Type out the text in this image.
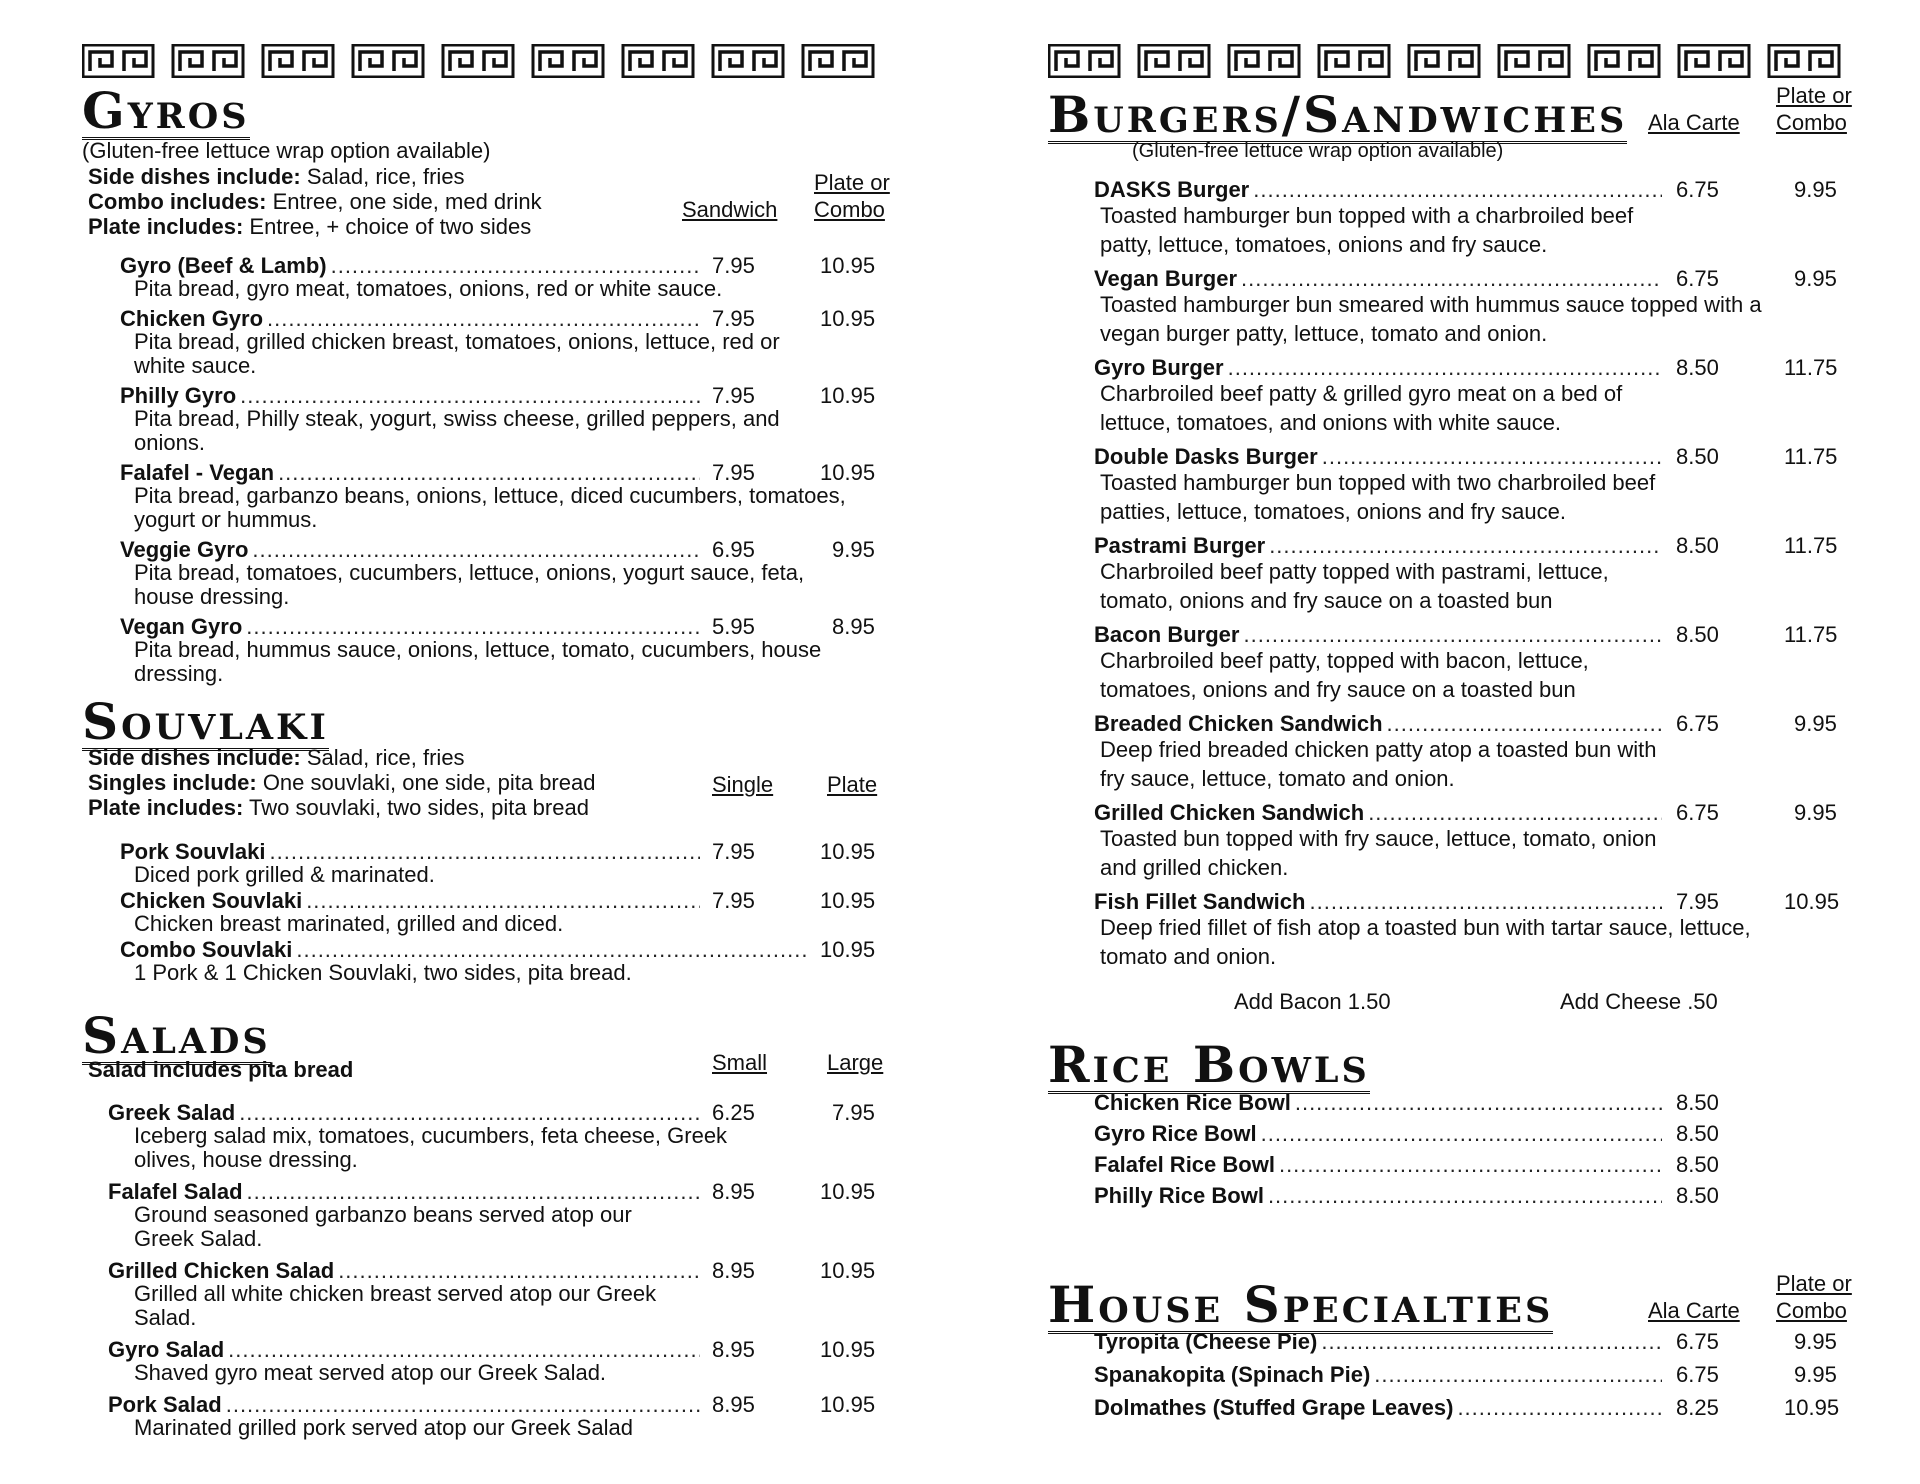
Gyros
(Gluten-free lettuce wrap option available)
Side dishes include: Salad, rice, fries
Combo includes: Entree, one side, med drink
Plate includes: Entree, + choice of two sides
Sandwich
Plate or
Combo
Gyro (Beef & Lamb) .....	7.95	10.95
Pita bread, gyro meat, tomatoes, onions, red or white sauce.
Chicken Gyro .....	7.95	10.95
Pita bread, grilled chicken breast, tomatoes, onions, lettuce, red or white sauce.
Philly Gyro .....	7.95	10.95
Pita bread, Philly steak, yogurt, swiss cheese, grilled peppers, and onions.
Falafel - Vegan .....	7.95	10.95
Pita bread, garbanzo beans, onions, lettuce, diced cucumbers, tomatoes, yogurt or hummus.
Veggie Gyro .....	6.95	9.95
Pita bread, tomatoes, cucumbers, lettuce, onions, yogurt sauce, feta, house dressing.
Vegan Gyro .....	5.95	8.95
Pita bread, hummus sauce, onions, lettuce, tomato, cucumbers, house dressing.
Souvlaki
Side dishes include: Salad, rice, fries
Singles include: One souvlaki, one side, pita bread
Plate includes: Two souvlaki, two sides, pita bread
Single Plate
Pork Souvlaki .....	7.95	10.95
Diced pork grilled & marinated.
Chicken Souvlaki .....	7.95	10.95
Chicken breast marinated, grilled and diced.
Combo Souvlaki .....	10.95
1 Pork & 1 Chicken Souvlaki, two sides, pita bread.
Salads
Salad includes pita bread	Small	Large
Greek Salad .....	6.25	7.95
Iceberg salad mix, tomatoes, cucumbers, feta cheese, Greek olives, house dressing.
Falafel Salad .....	8.95	10.95
Ground seasoned garbanzo beans served atop our Greek Salad.
Grilled Chicken Salad .....	8.95	10.95
Grilled all white chicken breast served atop our Greek Salad.
Gyro Salad .....	8.95	10.95
Shaved gyro meat served atop our Greek Salad.
Pork Salad .....	8.95	10.95
Marinated grilled pork served atop our Greek Salad
Burgers/Sandwiches Ala Carte
Plate or
Combo
(Gluten-free lettuce wrap option available)
DASKS Burger .....	6.75	9.95
Toasted hamburger bun topped with a charbroiled beef patty, lettuce, tomatoes, onions and fry sauce.
Vegan Burger .....	6.75	9.95
Toasted hamburger bun smeared with hummus sauce topped with a vegan burger patty, lettuce, tomato and onion.
Gyro Burger .....	8.50	11.75
Charbroiled beef patty & grilled gyro meat on a bed of lettuce, tomatoes, and onions with white sauce.
Double Dasks Burger .....	8.50	11.75
Toasted hamburger bun topped with two charbroiled beef patties, lettuce, tomatoes, onions and fry sauce.
Pastrami Burger .....	8.50	11.75
Charbroiled beef patty topped with pastrami, lettuce, tomato, onions and fry sauce on a toasted bun
Bacon Burger .....	8.50	11.75
Charbroiled beef patty, topped with bacon, lettuce, tomatoes, onions and fry sauce on a toasted bun
Breaded Chicken Sandwich .....	6.75	9.95
Deep fried breaded chicken patty atop a toasted bun with fry sauce, lettuce, tomato and onion.
Grilled Chicken Sandwich .....	6.75	9.95
Toasted bun topped with fry sauce, lettuce, tomato, onion and grilled chicken.
Fish Fillet Sandwich .....	7.95	10.95
Deep fried fillet of fish atop a toasted bun with tartar sauce, lettuce, tomato and onion.
Add Bacon 1.50	Add Cheese .50
Rice Bowls
Chicken Rice Bowl .....	8.50
Gyro Rice Bowl .....	8.50
Falafel Rice Bowl .....	8.50
Philly Rice Bowl .....	8.50
House Specialties	Ala Carte
Plate or
Combo
Tyropita (Cheese Pie) .....	6.75	9.95
Spanakopita (Spinach Pie) .....	6.75	9.95
Dolmathes (Stuffed Grape Leaves) .....	8.25	10.95
